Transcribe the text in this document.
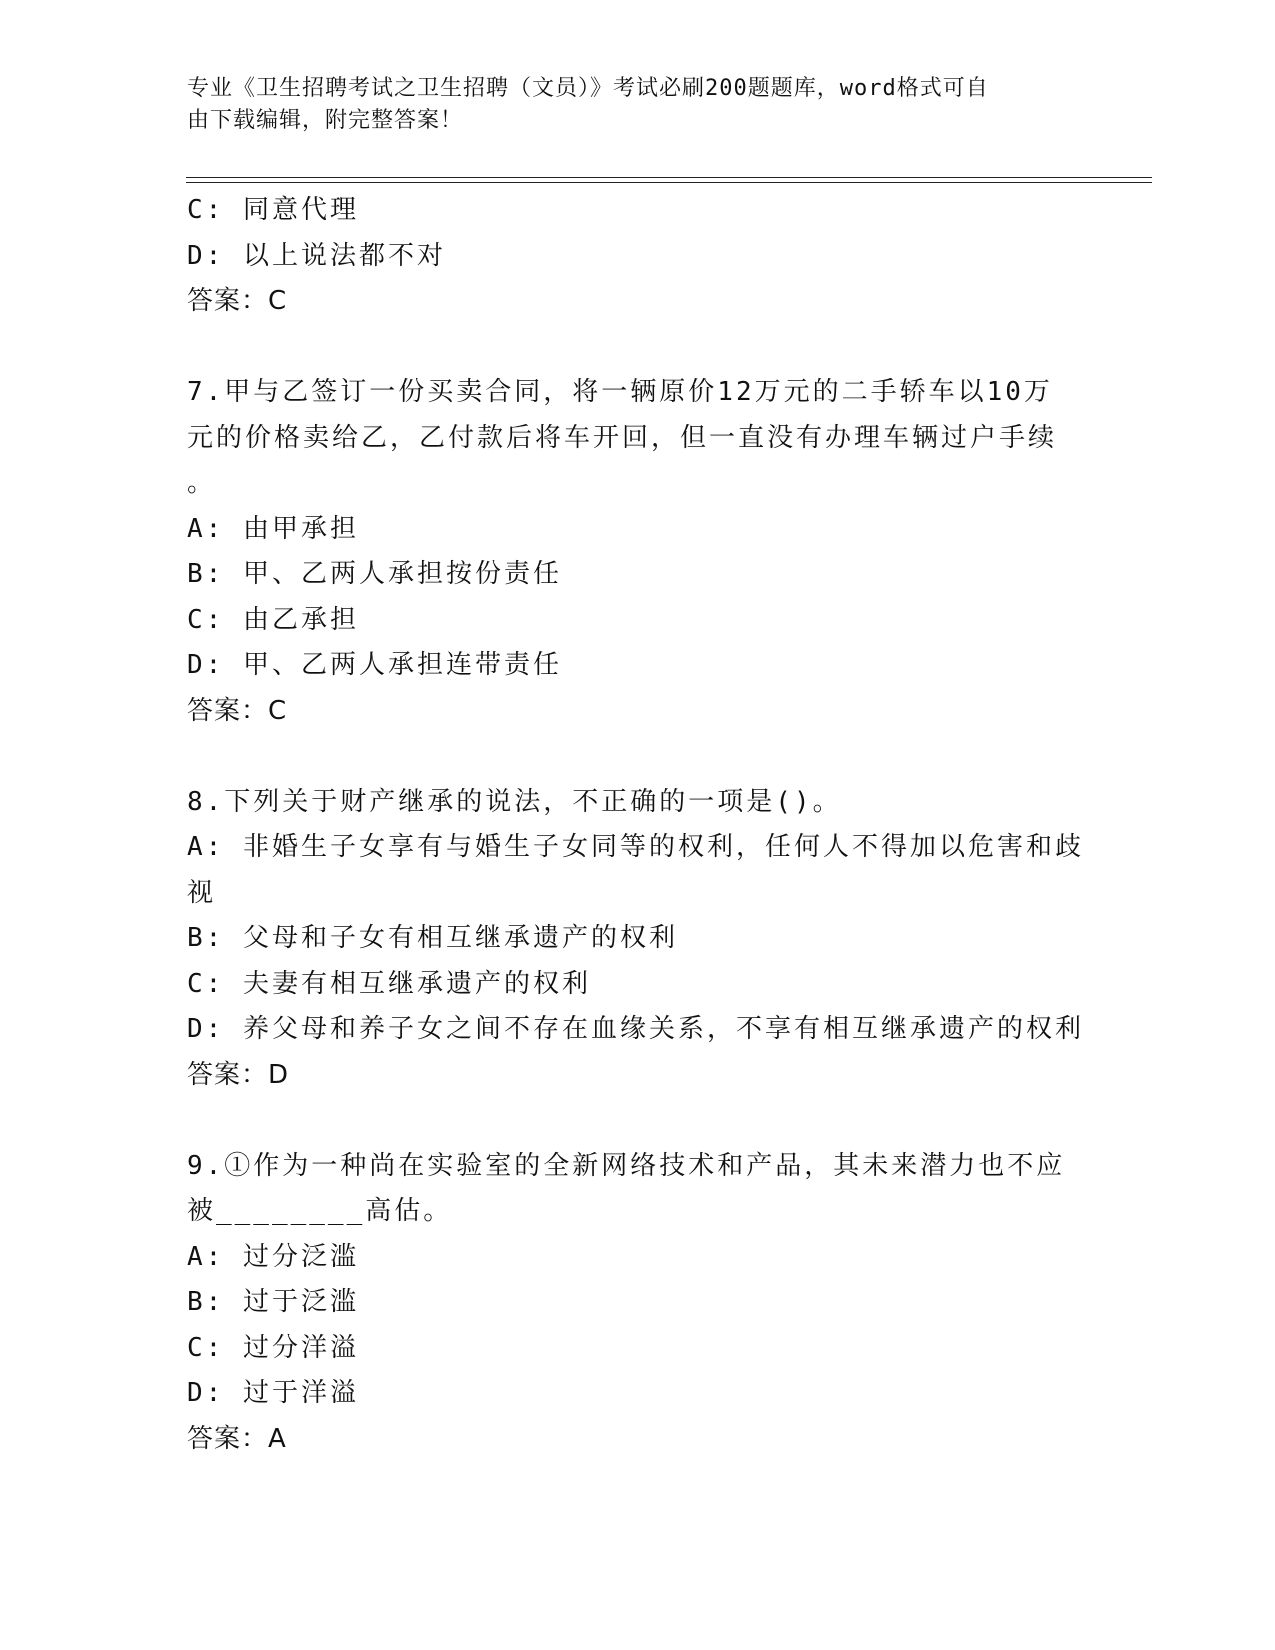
专业《卫生招聘考试之卫生招聘（文员）》考试必刷200题题库，word格式可自
由下载编辑，附完整答案！
C: 同意代理
D: 以上说法都不对
答案：C
7.甲与乙签订一份买卖合同，将一辆原价12万元的二手轿车以10万
元的价格卖给乙，乙付款后将车开回，但一直没有办理车辆过户手续
。
A: 由甲承担
B: 甲、乙两人承担按份责任
C: 由乙承担
D: 甲、乙两人承担连带责任
答案：C
8.下列关于财产继承的说法，不正确的一项是()。
A: 非婚生子女享有与婚生子女同等的权利，任何人不得加以危害和歧
视
B: 父母和子女有相互继承遗产的权利
C: 夫妻有相互继承遗产的权利
D: 养父母和养子女之间不存在血缘关系，不享有相互继承遗产的权利
答案：D
9.①作为一种尚在实验室的全新网络技术和产品，其未来潜力也不应
被________高估。
A: 过分泛滥
B: 过于泛滥
C: 过分洋溢
D: 过于洋溢
答案：A
